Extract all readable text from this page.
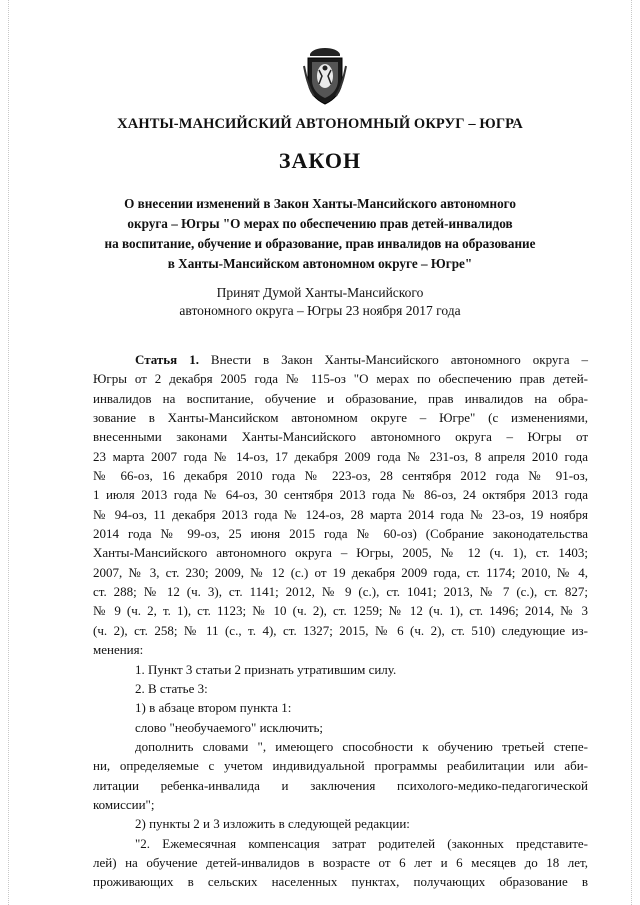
ХАНТЫ-МАНСИЙСКИЙ АВТОНОМНЫЙ ОКРУГ – ЮГРА
ЗАКОН
О внесении изменений в Закон Ханты-Мансийского автономного
округа – Югры "О мерах по обеспечению прав детей-инвалидов
на воспитание, обучение и образование, прав инвалидов на образование
в Ханты-Мансийском автономном округе – Югре"
Принят Думой Ханты-Мансийского
автономного округа – Югры 23 ноября 2017 года
Статья 1. Внести в Закон Ханты-Мансийского автономного округа –
Югры от 2 декабря 2005 года № 115-оз "О мерах по обеспечению прав детей-
инвалидов на воспитание, обучение и образование, прав инвалидов на обра-
зование в Ханты-Мансийском автономном округе – Югре" (с изменениями,
внесенными законами Ханты-Мансийского автономного округа – Югры от
23 марта 2007 года № 14-оз, 17 декабря 2009 года № 231-оз, 8 апреля 2010 года
№ 66-оз, 16 декабря 2010 года № 223-оз, 28 сентября 2012 года № 91-оз,
1 июля 2013 года № 64-оз, 30 сентября 2013 года № 86-оз, 24 октября 2013 года
№ 94-оз, 11 декабря 2013 года № 124-оз, 28 марта 2014 года № 23-оз, 19 ноября
2014 года № 99-оз, 25 июня 2015 года № 60-оз) (Собрание законодательства
Ханты-Мансийского автономного округа – Югры, 2005, № 12 (ч. 1), ст. 1403;
2007, № 3, ст. 230; 2009, № 12 (с.) от 19 декабря 2009 года, ст. 1174; 2010, № 4,
ст. 288; № 12 (ч. 3), ст. 1141; 2012, № 9 (с.), ст. 1041; 2013, № 7 (с.), ст. 827;
№ 9 (ч. 2, т. 1), ст. 1123; № 10 (ч. 2), ст. 1259; № 12 (ч. 1), ст. 1496; 2014, № 3
(ч. 2), ст. 258; № 11 (с., т. 4), ст. 1327; 2015, № 6 (ч. 2), ст. 510) следующие из-
менения:
1. Пункт 3 статьи 2 признать утратившим силу.
2. В статье 3:
1) в абзаце втором пункта 1:
слово "необучаемого" исключить;
дополнить словами ", имеющего способности к обучению третьей степе-
ни, определяемые с учетом индивидуальной программы реабилитации или аби-
литации ребенка-инвалида и заключения психолого-медико-педагогической
комиссии";
2) пункты 2 и 3 изложить в следующей редакции:
"2. Ежемесячная компенсация затрат родителей (законных представите-
лей) на обучение детей-инвалидов в возрасте от 6 лет и 6 месяцев до 18 лет,
проживающих в сельских населенных пунктах, получающих образование в
